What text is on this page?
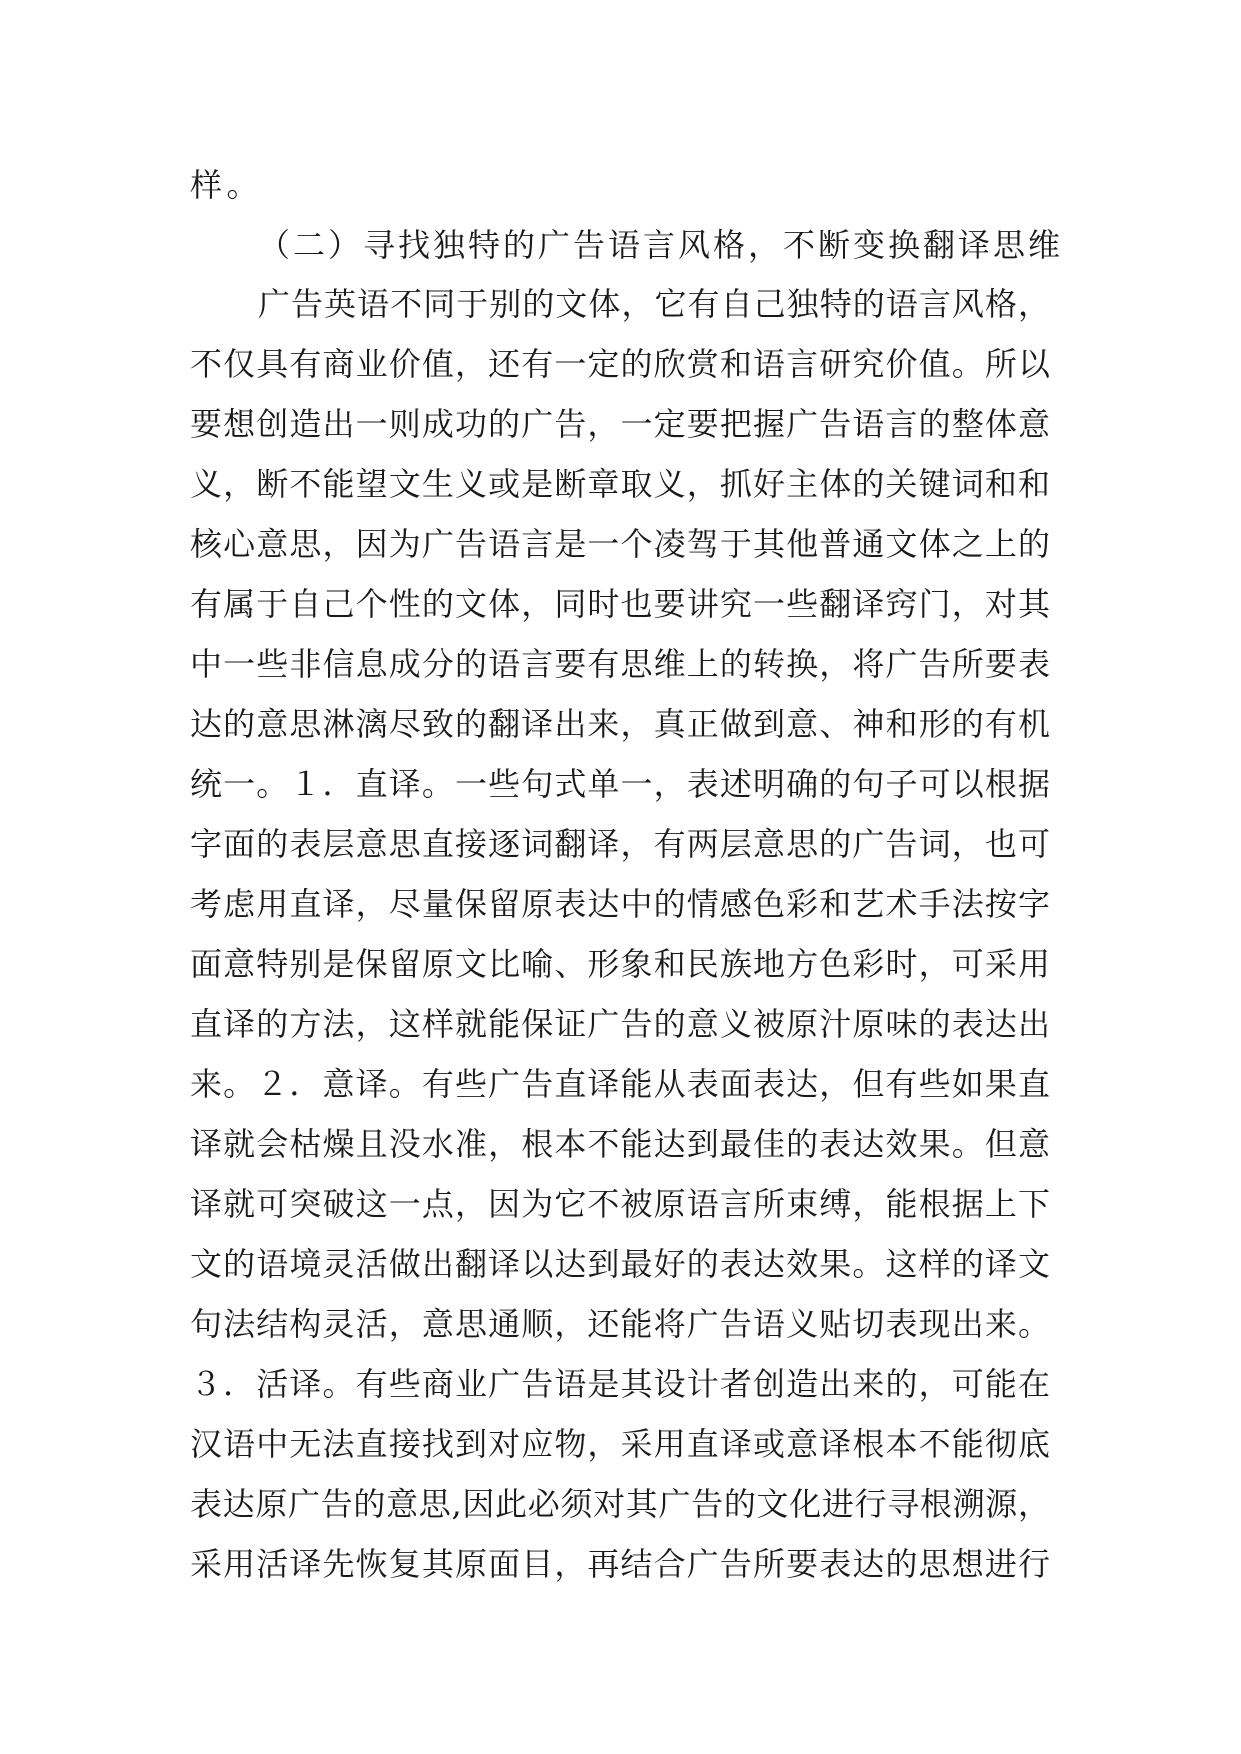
样。
（二）寻找独特的广告语言风格，不断变换翻译思维
广告英语不同于别的文体，它有自己独特的语言风格，
不仅具有商业价值，还有一定的欣赏和语言研究价值。所以
要想创造出一则成功的广告，一定要把握广告语言的整体意
义，断不能望文生义或是断章取义，抓好主体的关键词和和
核心意思，因为广告语言是一个凌驾于其他普通文体之上的
有属于自己个性的文体，同时也要讲究一些翻译窍门，对其
中一些非信息成分的语言要有思维上的转换，将广告所要表
达的意思淋漓尽致的翻译出来，真正做到意、神和形的有机
统一。１．直译。一些句式单一，表述明确的句子可以根据
字面的表层意思直接逐词翻译，有两层意思的广告词，也可
考虑用直译，尽量保留原表达中的情感色彩和艺术手法按字
面意特别是保留原文比喻、形象和民族地方色彩时，可采用
直译的方法，这样就能保证广告的意义被原汁原味的表达出
来。２．意译。有些广告直译能从表面表达，但有些如果直
译就会枯燥且没水准，根本不能达到最佳的表达效果。但意
译就可突破这一点，因为它不被原语言所束缚，能根据上下
文的语境灵活做出翻译以达到最好的表达效果。这样的译文
句法结构灵活，意思通顺，还能将广告语义贴切表现出来。
３．活译。有些商业广告语是其设计者创造出来的，可能在
汉语中无法直接找到对应物，采用直译或意译根本不能彻底
表达原广告的意思,因此必须对其广告的文化进行寻根溯源，
采用活译先恢复其原面目，再结合广告所要表达的思想进行
